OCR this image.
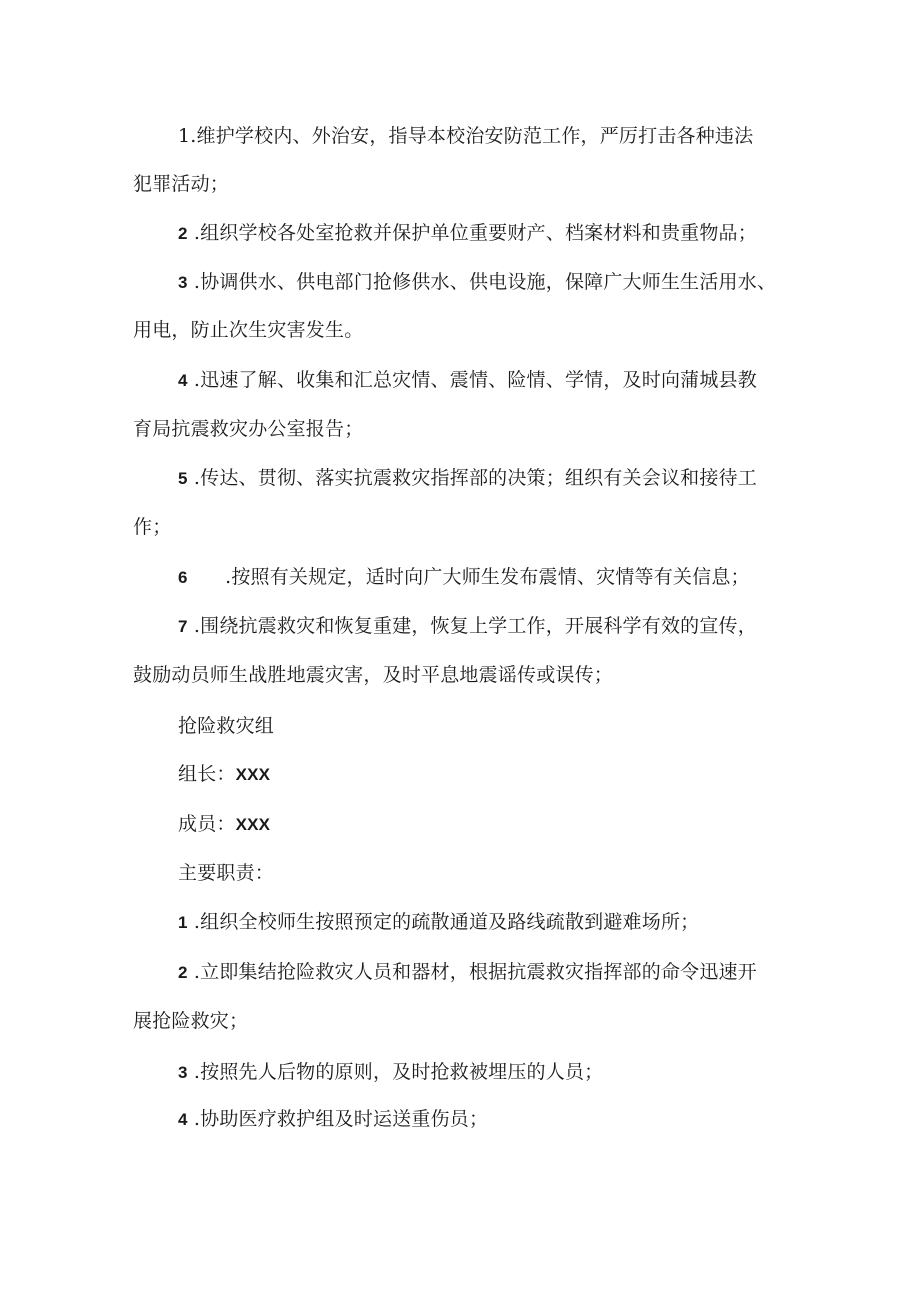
1.维护学校内、外治安，指导本校治安防范工作，严厉打击各种违法
犯罪活动；
2 .组织学校各处室抢救并保护单位重要财产、档案材料和贵重物品；
3 .协调供水、供电部门抢修供水、供电设施，保障广大师生生活用水、
用电，防止次生灾害发生。
4 .迅速了解、收集和汇总灾情、震情、险情、学情，及时向蒲城县教
育局抗震救灾办公室报告；
5 .传达、贯彻、落实抗震救灾指挥部的决策；组织有关会议和接待工
作；
6 .按照有关规定，适时向广大师生发布震情、灾情等有关信息；
7 .围绕抗震救灾和恢复重建，恢复上学工作，开展科学有效的宣传，
鼓励动员师生战胜地震灾害，及时平息地震谣传或误传；
抢险救灾组
组长：XXX
成员：XXX
主要职责：
1 .组织全校师生按照预定的疏散通道及路线疏散到避难场所；
2 .立即集结抢险救灾人员和器材，根据抗震救灾指挥部的命令迅速开
展抢险救灾；
3 .按照先人后物的原则，及时抢救被埋压的人员；
4 .协助医疗救护组及时运送重伤员；
